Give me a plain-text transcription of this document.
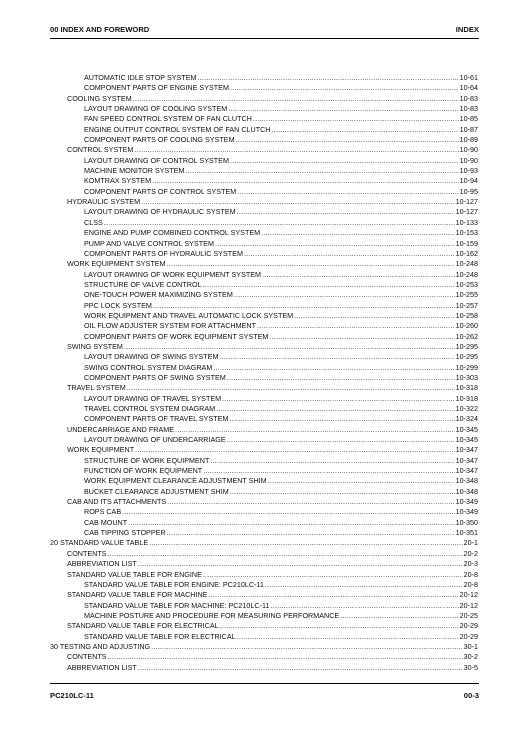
00 INDEX AND FOREWORD	INDEX
AUTOMATIC IDLE STOP SYSTEM .....	10-61
COMPONENT PARTS OF ENGINE SYSTEM .....	10-64
COOLING SYSTEM .....	10-83
LAYOUT DRAWING OF COOLING SYSTEM .....	10-83
FAN SPEED CONTROL SYSTEM OF FAN CLUTCH .....	10-85
ENGINE OUTPUT CONTROL SYSTEM OF FAN CLUTCH .....	10-87
COMPONENT PARTS OF COOLING SYSTEM .....	10-89
CONTROL SYSTEM .....	10-90
LAYOUT DRAWING OF CONTROL SYSTEM .....	10-90
MACHINE MONITOR SYSTEM .....	10-93
KOMTRAX SYSTEM .....	10-94
COMPONENT PARTS OF CONTROL SYSTEM .....	10-95
HYDRAULIC SYSTEM .....	10-127
LAYOUT DRAWING OF HYDRAULIC SYSTEM .....	10-127
CLSS .....	10-133
ENGINE AND PUMP COMBINED CONTROL SYSTEM .....	10-153
PUMP AND VALVE CONTROL SYSTEM .....	10-159
COMPONENT PARTS OF HYDRAULIC SYSTEM .....	10-162
WORK EQUIPMENT SYSTEM .....	10-248
LAYOUT DRAWING OF WORK EQUIPMENT SYSTEM .....	10-248
STRUCTURE OF VALVE CONTROL .....	10-253
ONE-TOUCH POWER MAXIMIZING SYSTEM .....	10-255
PPC LOCK SYSTEM .....	10-257
WORK EQUIPMENT AND TRAVEL AUTOMATIC LOCK SYSTEM .....	10-258
OIL FLOW ADJUSTER SYSTEM FOR ATTACHMENT .....	10-260
COMPONENT PARTS OF WORK EQUIPMENT SYSTEM .....	10-262
SWING SYSTEM .....	10-295
LAYOUT DRAWING OF SWING SYSTEM .....	10-295
SWING CONTROL SYSTEM DIAGRAM .....	10-299
COMPONENT PARTS OF SWING SYSTEM .....	10-303
TRAVEL SYSTEM .....	10-318
LAYOUT DRAWING OF TRAVEL SYSTEM .....	10-318
TRAVEL CONTROL SYSTEM DIAGRAM .....	10-322
COMPONENT PARTS OF TRAVEL SYSTEM .....	10-324
UNDERCARRIAGE AND FRAME .....	10-345
LAYOUT DRAWING OF UNDERCARRIAGE .....	10-345
WORK EQUIPMENT .....	10-347
STRUCTURE OF WORK EQUIPMENT .....	10-347
FUNCTION OF WORK EQUIPMENT .....	10-347
WORK EQUIPMENT CLEARANCE ADJUSTMENT SHIM .....	10-348
BUCKET CLEARANCE ADJUSTMENT SHIM .....	10-348
CAB AND ITS ATTACHMENTS .....	10-349
ROPS CAB .....	10-349
CAB MOUNT .....	10-350
CAB TIPPING STOPPER .....	10-351
20 STANDARD VALUE TABLE .....	20-1
CONTENTS .....	20-2
ABBREVIATION LIST .....	20-3
STANDARD VALUE TABLE FOR ENGINE .....	20-8
STANDARD VALUE TABLE FOR ENGINE: PC210LC-11 .....	20-8
STANDARD VALUE TABLE FOR MACHINE .....	20-12
STANDARD VALUE TABLE FOR MACHINE: PC210LC-11 .....	20-12
MACHINE POSTURE AND PROCEDURE FOR MEASURING PERFORMANCE .....	20-25
STANDARD VALUE TABLE FOR ELECTRICAL .....	20-29
STANDARD VALUE TABLE FOR ELECTRICAL .....	20-29
30 TESTING AND ADJUSTING .....	30-1
CONTENTS .....	30-2
ABBREVIATION LIST .....	30-5
PC210LC-11	00-3
